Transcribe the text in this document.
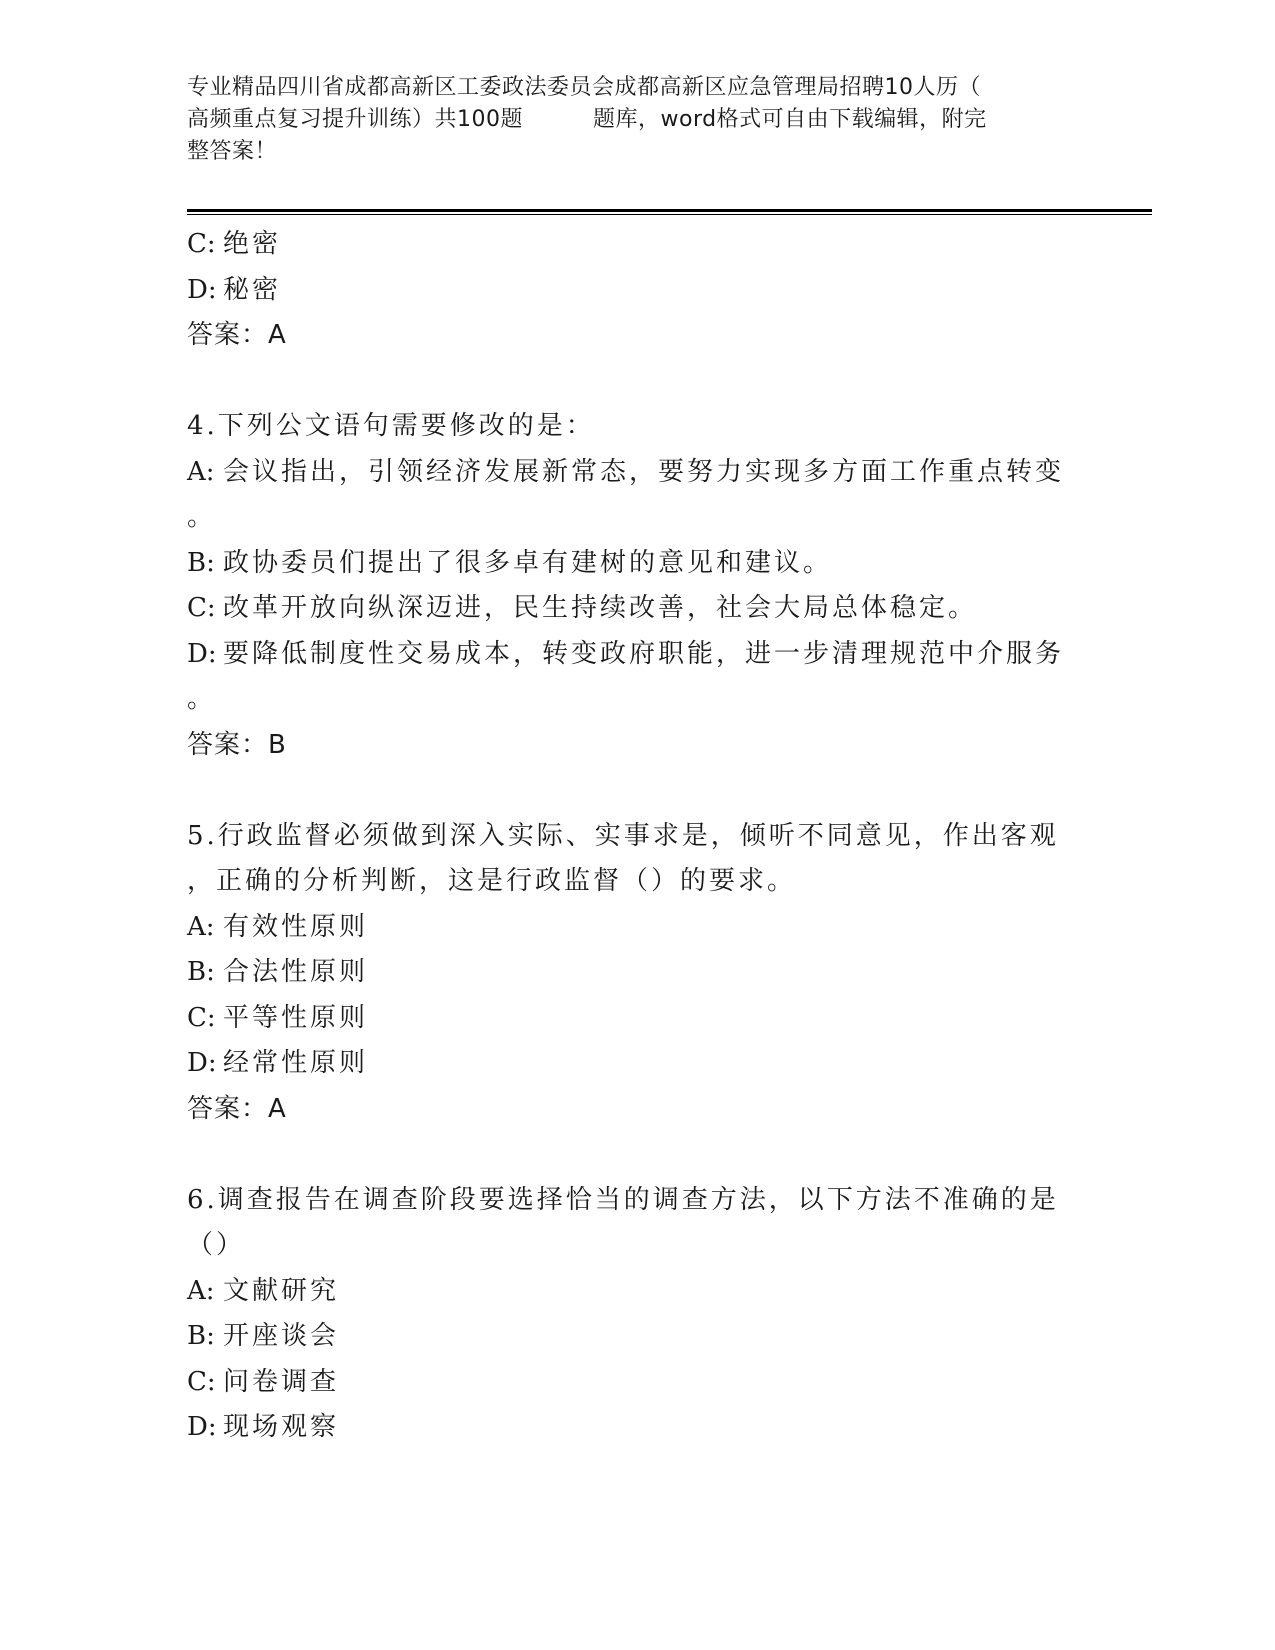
专业精品四川省成都高新区工委政法委员会成都高新区应急管理局招聘10人历（
高频重点复习提升训练）共100题	题库，word格式可自由下载编辑，附完
整答案！
C: 绝密
D: 秘密
答案：A
4.下列公文语句需要修改的是：
A: 会议指出，引领经济发展新常态，要努力实现多方面工作重点转变
。
B: 政协委员们提出了很多卓有建树的意见和建议。
C: 改革开放向纵深迈进，民生持续改善，社会大局总体稳定。
D: 要降低制度性交易成本，转变政府职能，进一步清理规范中介服务
。
答案：B
5.行政监督必须做到深入实际、实事求是，倾听不同意见，作出客观
，正确的分析判断，这是行政监督（）的要求。
A: 有效性原则
B: 合法性原则
C: 平等性原则
D: 经常性原则
答案：A
6.调查报告在调查阶段要选择恰当的调查方法，以下方法不准确的是
（）
A: 文献研究
B: 开座谈会
C: 问卷调查
D: 现场观察
